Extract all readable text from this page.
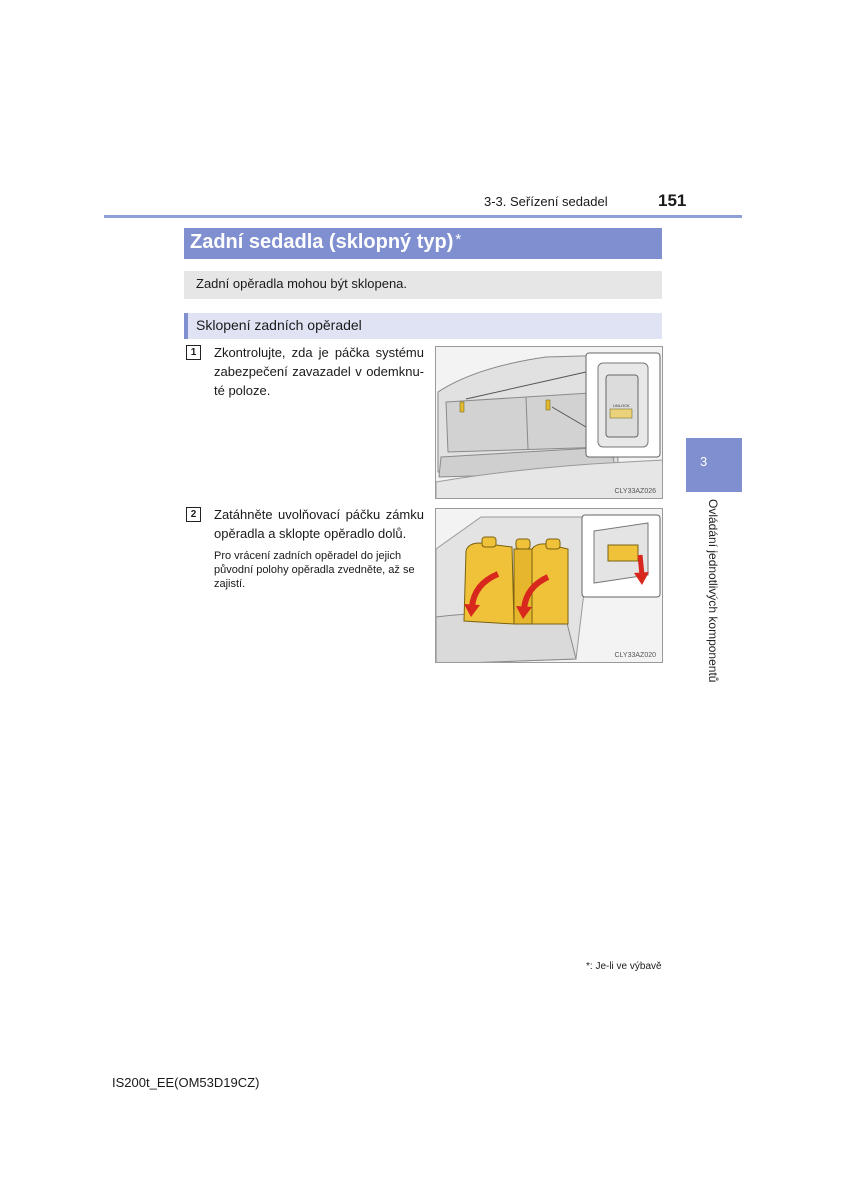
3-3. Seřízení sedadel	151
Zadní sedadla (sklopný typ) *
Zadní opěradla mohou být sklopena.
Sklopení zadních opěradel
1	Zkontrolujte, zda je páčka systému zabezpečení zavazadel v odemknu- té poloze.
UNLOCK
CLY33AZ026
2	Zatáhněte uvolňovací páčku zámku opěradla a sklopte opěradlo dolů.
Pro vrácení zadních opěradel do jejich původní polohy opěradla zvedněte, až se zajistí.
CLY33AZ020
3
Ovládání jednotlivých komponentů
*: Je-li ve výbavě
IS200t_EE(OM53D19CZ)
